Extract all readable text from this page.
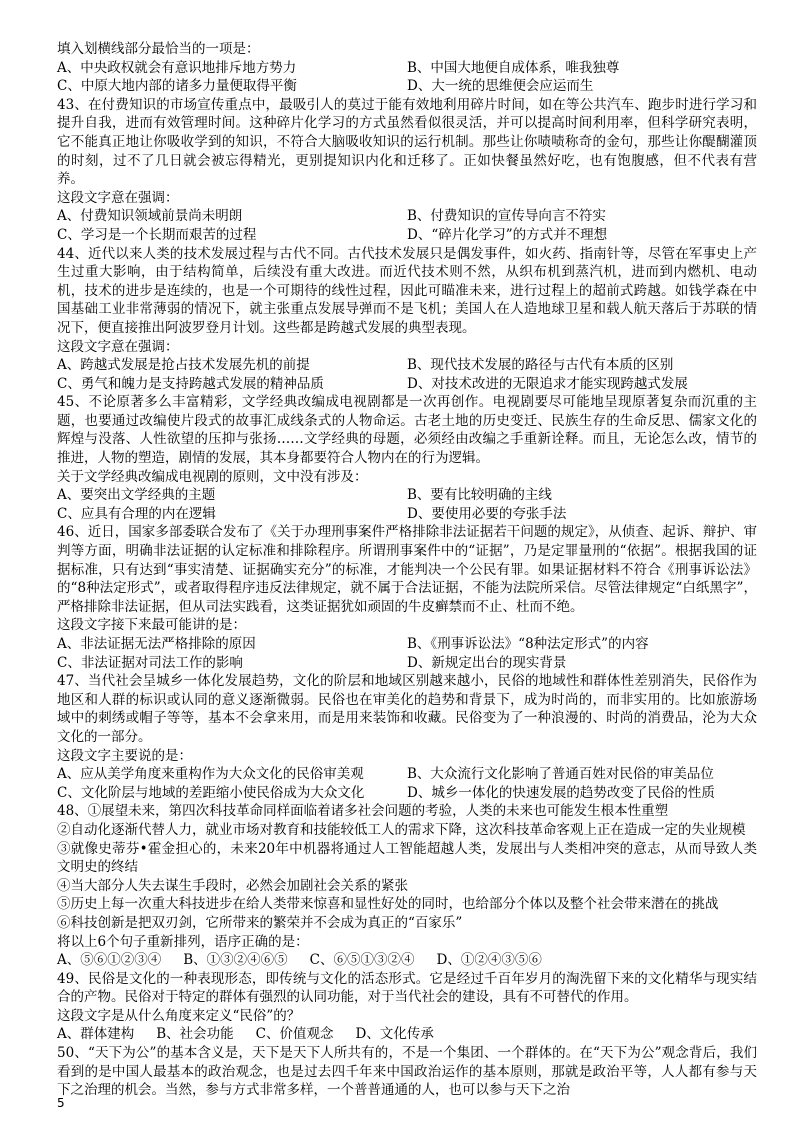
填入划横线部分最恰当的一项是：

A、中央政权就会有意识地排斥地方势力	B、中国大地便自成体系，唯我独尊
C、中原大地内部的诸多力量便取得平衡	D、大一统的思维便会应运而生

43、在付费知识的市场宣传重点中，最吸引人的莫过于能有效地利用碎片时间，如在等公共汽车、跑步时进行学习和提升自我，进而有效管理时间。这种碎片化学习的方式虽然看似很灵活，并可以提高时间利用率，但科学研究表明，它不能真正地让你吸收学到的知识，不符合大脑吸收知识的运行机制。那些让你啧啧称奇的金句，那些让你醍醐灌顶的时刻，过不了几日就会被忘得精光，更别提知识内化和迁移了。正如快餐虽然好吃，也有饱腹感，但不代表有营养。

这段文字意在强调：

A、付费知识领域前景尚未明朗	B、付费知识的宣传导向言不符实
C、学习是一个长期而艰苦的过程	D、“碎片化学习”的方式并不理想

44、近代以来人类的技术发展过程与古代不同。古代技术发展只是偶发事件，如火药、指南针等，尽管在军事史上产生过重大影响，由于结构简单，后续没有重大改进。而近代技术则不然，从织布机到蒸汽机，进而到内燃机、电动机，技术的进步是连续的，也是一个可期待的线性过程，因此可瞄准未来，进行过程上的超前式跨越。如钱学森在中国基础工业非常薄弱的情况下，就主张重点发展导弹而不是飞机；美国人在人造地球卫星和载人航天落后于苏联的情况下，便直接推出阿波罗登月计划。这些都是跨越式发展的典型表现。

这段文字意在强调：

A、跨越式发展是抢占技术发展先机的前提	B、现代技术发展的路径与古代有本质的区别
C、勇气和魄力是支持跨越式发展的精神品质	D、对技术改进的无限追求才能实现跨越式发展

45、不论原著多么丰富精彩，文学经典改编成电视剧都是一次再创作。电视剧要尽可能地呈现原著复杂而沉重的主题，也要通过改编使片段式的故事汇成线条式的人物命运。古老土地的历史变迁、民族生存的生命反思、儒家文化的辉煌与没落、人性欲望的压抑与张扬……文学经典的母题，必须经由改编之手重新诠释。而且，无论怎么改，情节的推进，人物的塑造，剧情的发展，其本身都要符合人物内在的行为逻辑。

关于文学经典改编成电视剧的原则，文中没有涉及：

A、要突出文学经典的主题	B、要有比较明确的主线
C、应具有合理的内在逻辑	D、要使用必要的夸张手法

46、近日，国家多部委联合发布了《关于办理刑事案件严格排除非法证据若干问题的规定》，从侦查、起诉、辩护、审判等方面，明确非法证据的认定标准和排除程序。所谓刑事案件中的“证据”，乃是定罪量刑的“依据”。根据我国的证据标准，只有达到“事实清楚、证据确实充分”的标准，才能判决一个公民有罪。如果证据材料不符合《刑事诉讼法》的“8种法定形式”，或者取得程序违反法律规定，就不属于合法证据，不能为法院所采信。尽管法律规定“白纸黑字”，严格排除非法证据，但从司法实践看，这类证据犹如顽固的牛皮癣禁而不止、杜而不绝。

这段文字接下来最可能讲的是：

A、非法证据无法严格排除的原因	B、《刑事诉讼法》“8种法定形式”的内容
C、非法证据对司法工作的影响	D、新规定出台的现实背景

47、当代社会呈城乡一体化发展趋势，文化的阶层和地域区别越来越小，民俗的地域性和群体性差别消失，民俗作为地区和人群的标识或认同的意义逐渐微弱。民俗也在审美化的趋势和背景下，成为时尚的，而非实用的。比如旅游场域中的刺绣或帽子等等，基本不会拿来用，而是用来装饰和收藏。民俗变为了一种浪漫的、时尚的消费品，沦为大众文化的一部分。

这段文字主要说的是：

A、应从美学角度来重构作为大众文化的民俗审美观	B、大众流行文化影响了普通百姓对民俗的审美品位
C、文化阶层与地域的差距缩小使民俗成为大众文化	D、城乡一体化的快速发展的趋势改变了民俗的性质

48、①展望未来，第四次科技革命同样面临着诸多社会问题的考验，人类的未来也可能发生根本性重塑

②自动化逐渐代替人力，就业市场对教育和技能较低工人的需求下降，这次科技革命客观上正在造成一定的失业规模

③就像史蒂芬•霍金担心的，未来20年中机器将通过人工智能超越人类，发展出与人类相冲突的意志，从而导致人类文明史的终结

④当大部分人失去谋生手段时，必然会加剧社会关系的紧张

⑤历史上每一次重大科技进步在给人类带来惊喜和显性好处的同时，也给部分个体以及整个社会带来潜在的挑战

⑥科技创新是把双刃剑，它所带来的繁荣并不会成为真正的“百家乐”

将以上6个句子重新排列，语序正确的是：

A、⑤⑥①②③④ B、①③②④⑥⑤ C、⑥⑤①③②④ D、①②④③⑤⑥

49、民俗是文化的一种表现形态，即传统与文化的活态形式。它是经过千百年岁月的淘洗留下来的文化精华与现实结合的产物。民俗对于特定的群体有强烈的认同功能，对于当代社会的建设，具有不可替代的作用。

这段文字是从什么角度来定义“民俗”的？

A、群体建构 B、社会功能 C、价值观念 D、文化传承

50、“天下为公”的基本含义是，天下是天下人所共有的，不是一个集团、一个群体的。在“天下为公”观念背后，我们看到的是中国人最基本的政治观念，也是过去四千年来中国政治运作的基本原则，那就是政治平等，人人都有参与天下之治理的机会。当然，参与方式非常多样，一个普普通通的人，也可以参与天下之治

5
